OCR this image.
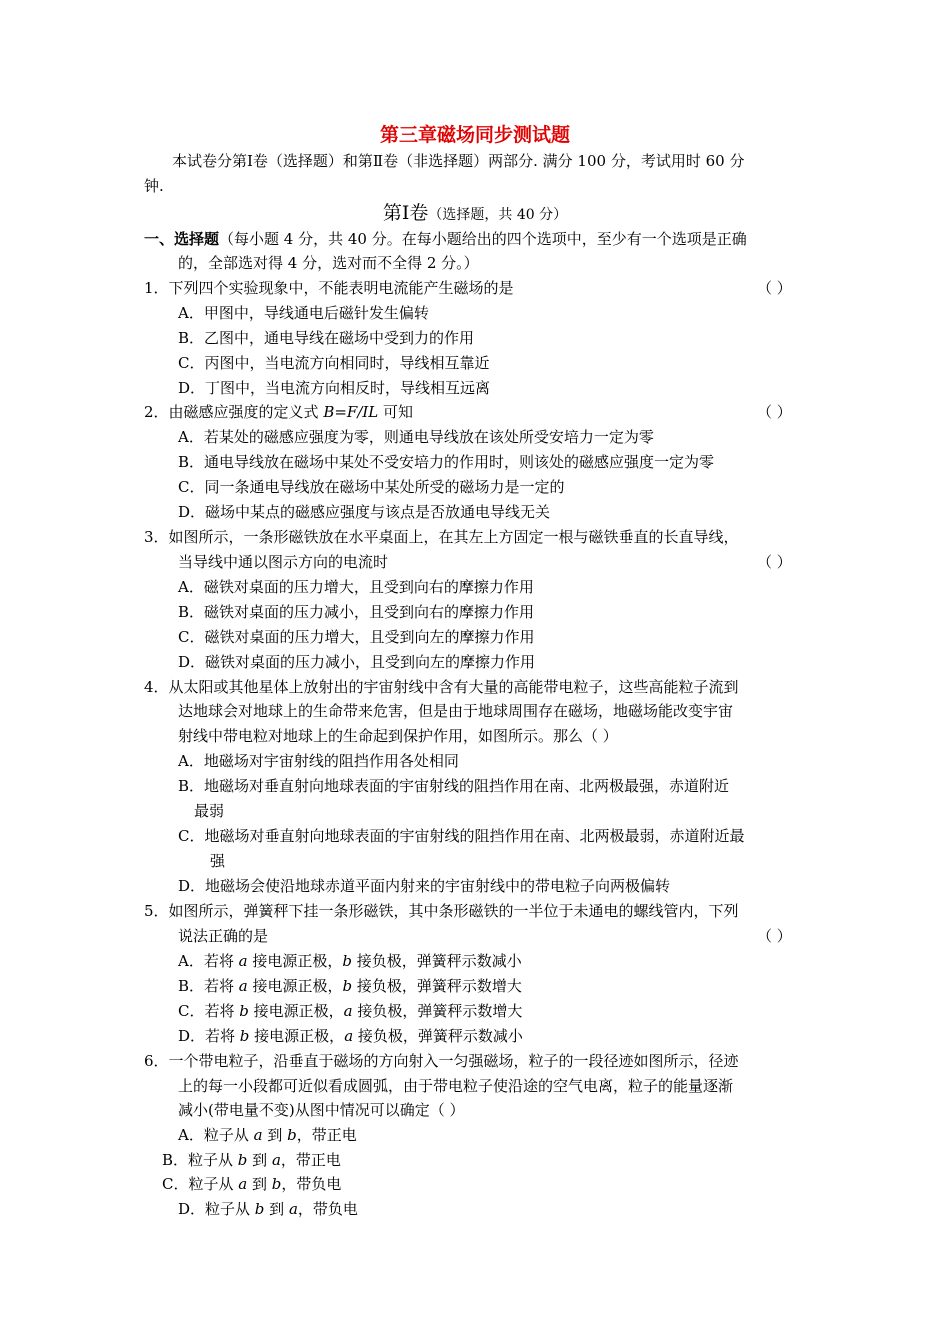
第三章磁场同步测试题
本试卷分第Ⅰ卷（选择题）和第Ⅱ卷（非选择题）两部分. 满分 100 分，考试用时 60 分
钟.
第Ⅰ卷（选择题，共 40 分）
一、选择题（每小题 4 分，共 40 分。在每小题给出的四个选项中，至少有一个选项是正确
的，全部选对得 4 分，选对而不全得 2 分。）
1．下列四个实验现象中，不能表明电流能产生磁场的是	（ ）
A．甲图中，导线通电后磁针发生偏转
B．乙图中，通电导线在磁场中受到力的作用
C．丙图中，当电流方向相同时，导线相互靠近
D．丁图中，当电流方向相反时，导线相互远离
2．由磁感应强度的定义式 B=F/IL 可知	（ ）
A．若某处的磁感应强度为零，则通电导线放在该处所受安培力一定为零
B．通电导线放在磁场中某处不受安培力的作用时，则该处的磁感应强度一定为零
C．同一条通电导线放在磁场中某处所受的磁场力是一定的
D．磁场中某点的磁感应强度与该点是否放通电导线无关
3．如图所示，一条形磁铁放在水平桌面上，在其左上方固定一根与磁铁垂直的长直导线，
当导线中通以图示方向的电流时	（ ）
A．磁铁对桌面的压力增大，且受到向右的摩擦力作用
B．磁铁对桌面的压力减小，且受到向右的摩擦力作用
C．磁铁对桌面的压力增大，且受到向左的摩擦力作用
D．磁铁对桌面的压力减小，且受到向左的摩擦力作用
4．从太阳或其他星体上放射出的宇宙射线中含有大量的高能带电粒子，这些高能粒子流到
达地球会对地球上的生命带来危害，但是由于地球周围存在磁场，地磁场能改变宇宙
射线中带电粒对地球上的生命起到保护作用，如图所示。那么（ ）
A．地磁场对宇宙射线的阻挡作用各处相同
B．地磁场对垂直射向地球表面的宇宙射线的阻挡作用在南、北两极最强，赤道附近
最弱
C．地磁场对垂直射向地球表面的宇宙射线的阻挡作用在南、北两极最弱，赤道附近最
强
D．地磁场会使沿地球赤道平面内射来的宇宙射线中的带电粒子向两极偏转
5．如图所示，弹簧秤下挂一条形磁铁，其中条形磁铁的一半位于未通电的螺线管内，下列
说法正确的是	（ ）
A．若将 a 接电源正极，b 接负极，弹簧秤示数减小
B．若将 a 接电源正极，b 接负极，弹簧秤示数增大
C．若将 b 接电源正极，a 接负极，弹簧秤示数增大
D．若将 b 接电源正极，a 接负极，弹簧秤示数减小
6．一个带电粒子，沿垂直于磁场的方向射入一匀强磁场，粒子的一段径迹如图所示，径迹
上的每一小段都可近似看成圆弧，由于带电粒子使沿途的空气电离，粒子的能量逐渐
减小(带电量不变)从图中情况可以确定（ ）
A．粒子从 a 到 b，带正电
B．粒子从 b 到 a，带正电
C．粒子从 a 到 b，带负电
D．粒子从 b 到 a，带负电
